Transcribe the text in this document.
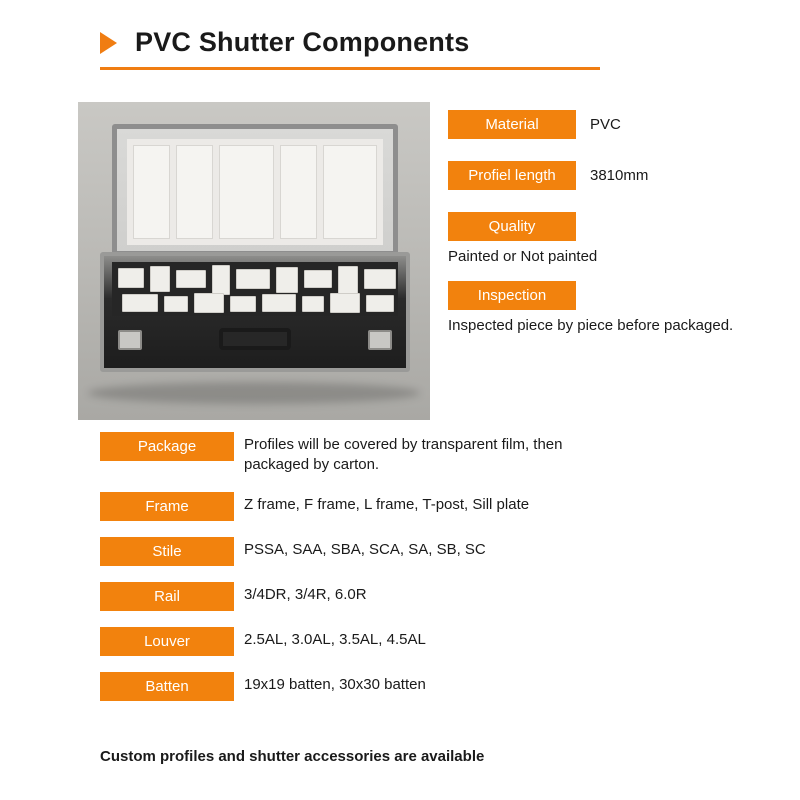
PVC Shutter Components
Material	PVC
Profiel length	3810mm
Quality
Painted or Not painted
Inspection
Inspected piece by piece before packaged.
Package	Profiles will be covered by transparent film, then packaged by carton.
Frame	Z frame, F frame, L frame, T-post, Sill plate
Stile	PSSA, SAA, SBA, SCA, SA, SB, SC
Rail	3/4DR, 3/4R, 6.0R
Louver	2.5AL, 3.0AL, 3.5AL, 4.5AL
Batten	19x19 batten, 30x30 batten
Custom profiles and shutter accessories are available
